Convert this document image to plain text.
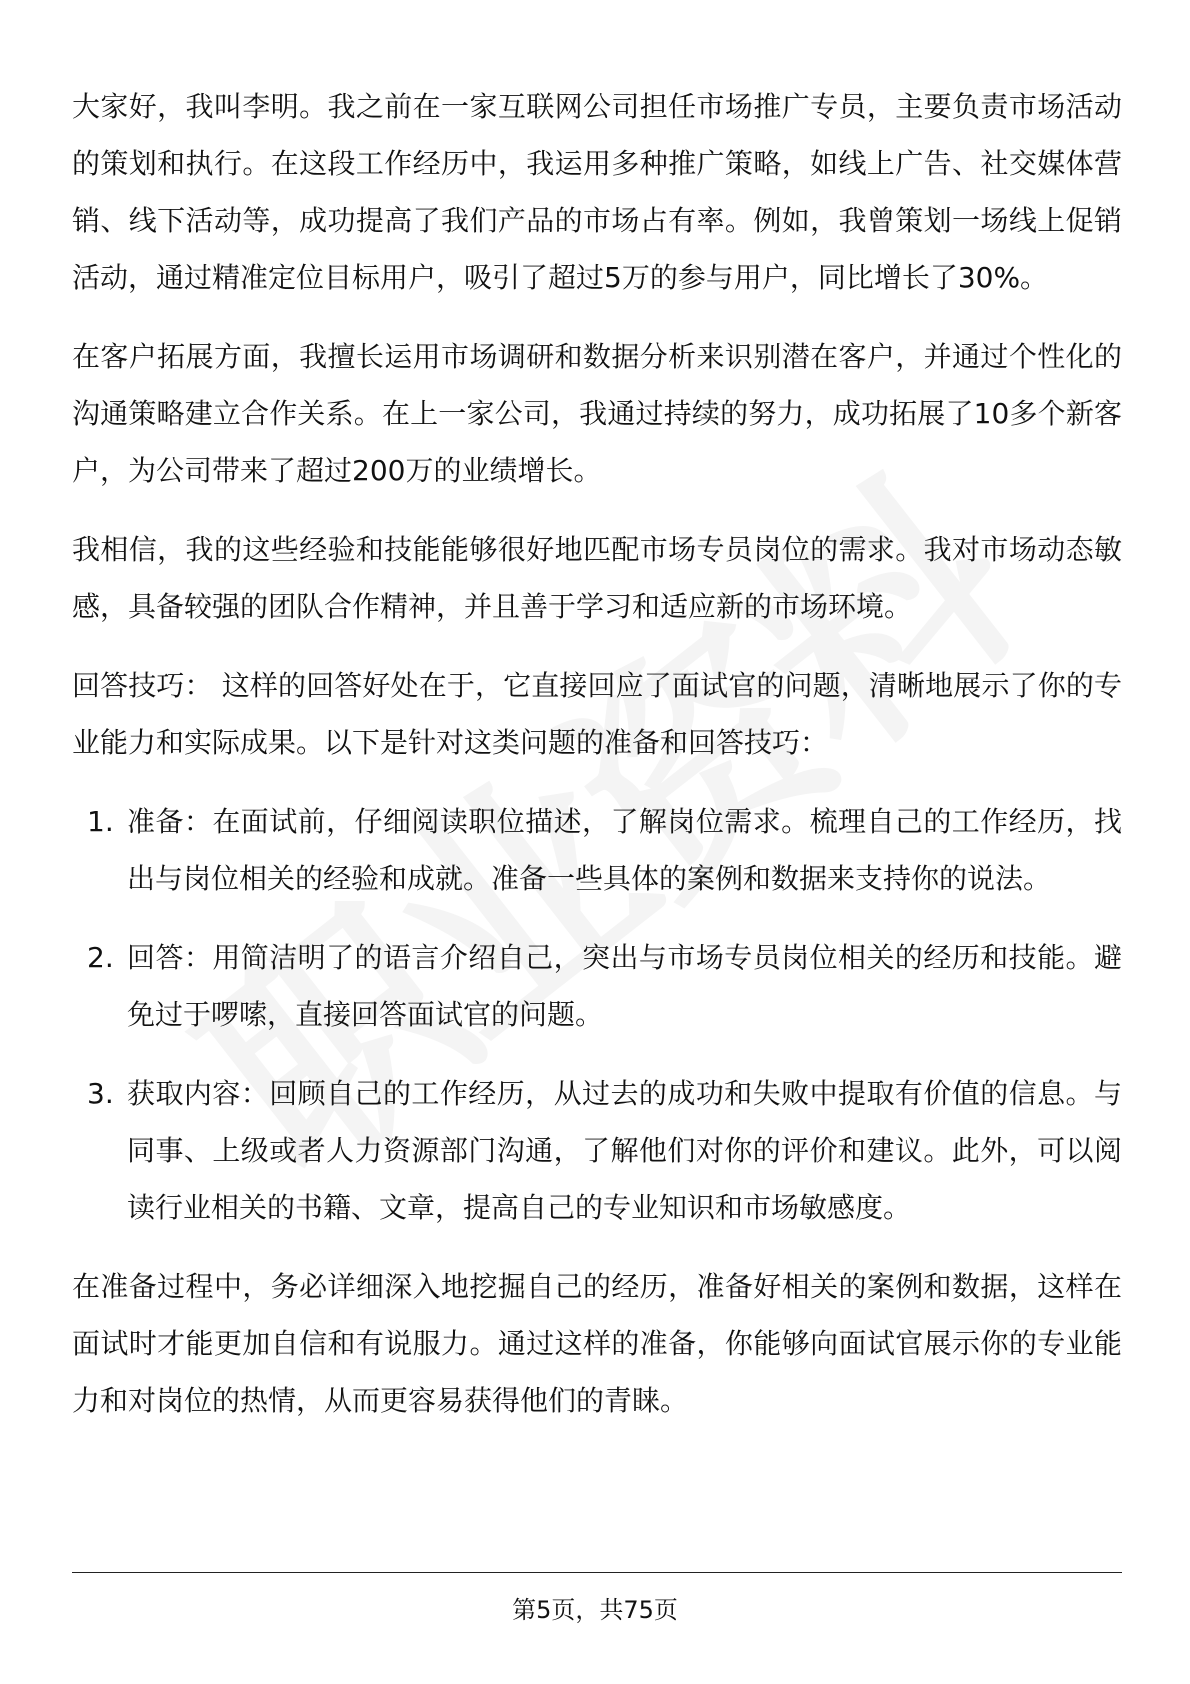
大家好，我叫李明。我之前在一家互联网公司担任市场推广专员，主要负责市场活动的策划和执行。在这段工作经历中，我运用多种推广策略，如线上广告、社交媒体营销、线下活动等，成功提高了我们产品的市场占有率。例如，我曾策划一场线上促销活动，通过精准定位目标用户，吸引了超过5万的参与用户，同比增长了30%。

在客户拓展方面，我擅长运用市场调研和数据分析来识别潜在客户，并通过个性化的沟通策略建立合作关系。在上一家公司，我通过持续的努力，成功拓展了10多个新客户，为公司带来了超过200万的业绩增长。

我相信，我的这些经验和技能能够很好地匹配市场专员岗位的需求。我对市场动态敏感，具备较强的团队合作精神，并且善于学习和适应新的市场环境。

回答技巧： 这样的回答好处在于，它直接回应了面试官的问题，清晰地展示了你的专业能力和实际成果。以下是针对这类问题的准备和回答技巧：

1. 准备：在面试前，仔细阅读职位描述，了解岗位需求。梳理自己的工作经历，找出与岗位相关的经验和成就。准备一些具体的案例和数据来支持你的说法。
2. 回答：用简洁明了的语言介绍自己，突出与市场专员岗位相关的经历和技能。避免过于啰嗦，直接回答面试官的问题。
3. 获取内容：回顾自己的工作经历，从过去的成功和失败中提取有价值的信息。与同事、上级或者人力资源部门沟通，了解他们对你的评价和建议。此外，可以阅读行业相关的书籍、文章，提高自己的专业知识和市场敏感度。

在准备过程中，务必详细深入地挖掘自己的经历，准备好相关的案例和数据，这样在面试时才能更加自信和有说服力。通过这样的准备，你能够向面试官展示你的专业能力和对岗位的热情，从而更容易获得他们的青睐。

第5页，共75页
